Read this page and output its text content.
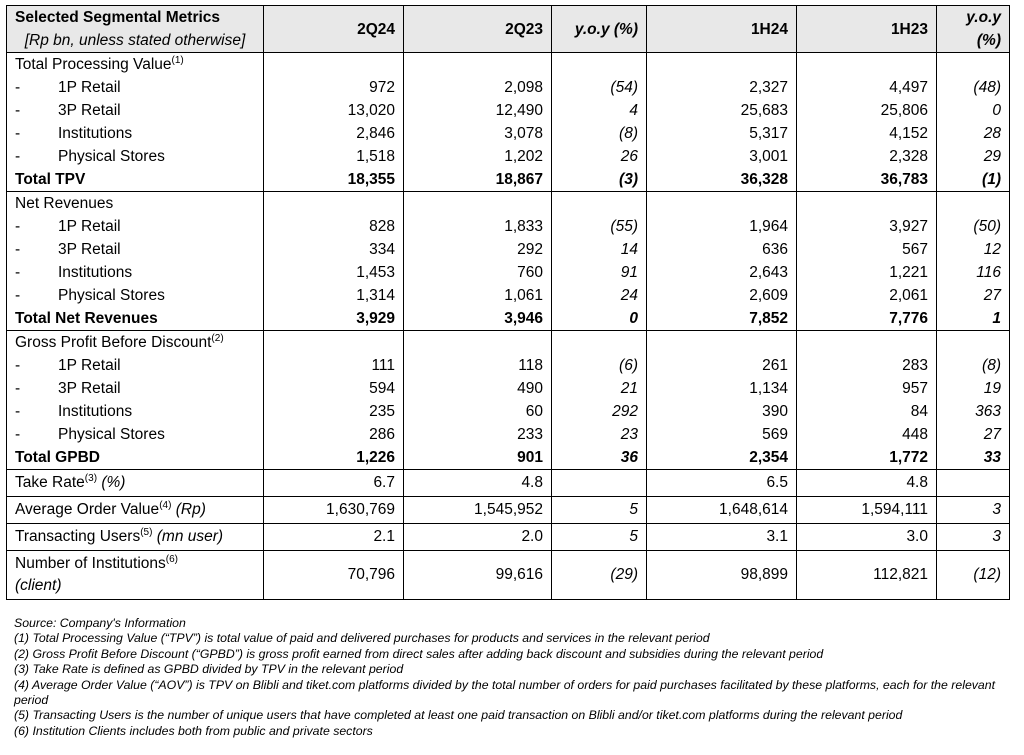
Selected Segmental Metrics
[Rp bn, unless stated otherwise]	2Q24	2Q23	y.o.y (%)	1H24	1H23	y.o.y (%)
Total Processing Value$^{(1)}$						
- 1P Retail	972	2,098	(54)	2,327	4,497	(48)
- 3P Retail	13,020	12,490	4	25,683	25,806	0
- Institutions	2,846	3,078	(8)	5,317	4,152	28
- Physical Stores	1,518	1,202	26	3,001	2,328	29
Total TPV	18,355	18,867	(3)	36,328	36,783	(1)
Net Revenues						
- 1P Retail	828	1,833	(55)	1,964	3,927	(50)
- 3P Retail	334	292	14	636	567	12
- Institutions	1,453	760	91	2,643	1,221	116
- Physical Stores	1,314	1,061	24	2,609	2,061	27
Total Net Revenues	3,929	3,946	0	7,852	7,776	1
Gross Profit Before Discount$^{(2)}$						
- 1P Retail	111	118	(6)	261	283	(8)
- 3P Retail	594	490	21	1,134	957	19
- Institutions	235	60	292	390	84	363
- Physical Stores	286	233	23	569	448	27
Total GPBD	1,226	901	36	2,354	1,772	33
Take Rate$^{(3)}$ (%)	6.7	4.8		6.5	4.8	
Average Order Value$^{(4)}$ (Rp)	1,630,769	1,545,952	5	1,648,614	1,594,111	3
Transacting Users$^{(5)}$ (mn user)	2.1	2.0	5	3.1	3.0	3
Number of Institutions$^{(6)}$
(client)	70,796	99,616	(29)	98,899	112,821	(12)
Source: Company's Information
(1) Total Processing Value (“TPV”) is total value of paid and delivered purchases for products and services in the relevant period
(2) Gross Profit Before Discount (“GPBD”) is gross profit earned from direct sales after adding back discount and subsidies during the relevant period
(3) Take Rate is defined as GPBD divided by TPV in the relevant period
(4) Average Order Value (“AOV”) is TPV on Blibli and tiket.com platforms divided by the total number of orders for paid purchases facilitated by these platforms, each for the relevant period
(5) Transacting Users is the number of unique users that have completed at least one paid transaction on Blibli and/or tiket.com platforms during the relevant period
(6) Institution Clients includes both from public and private sectors
